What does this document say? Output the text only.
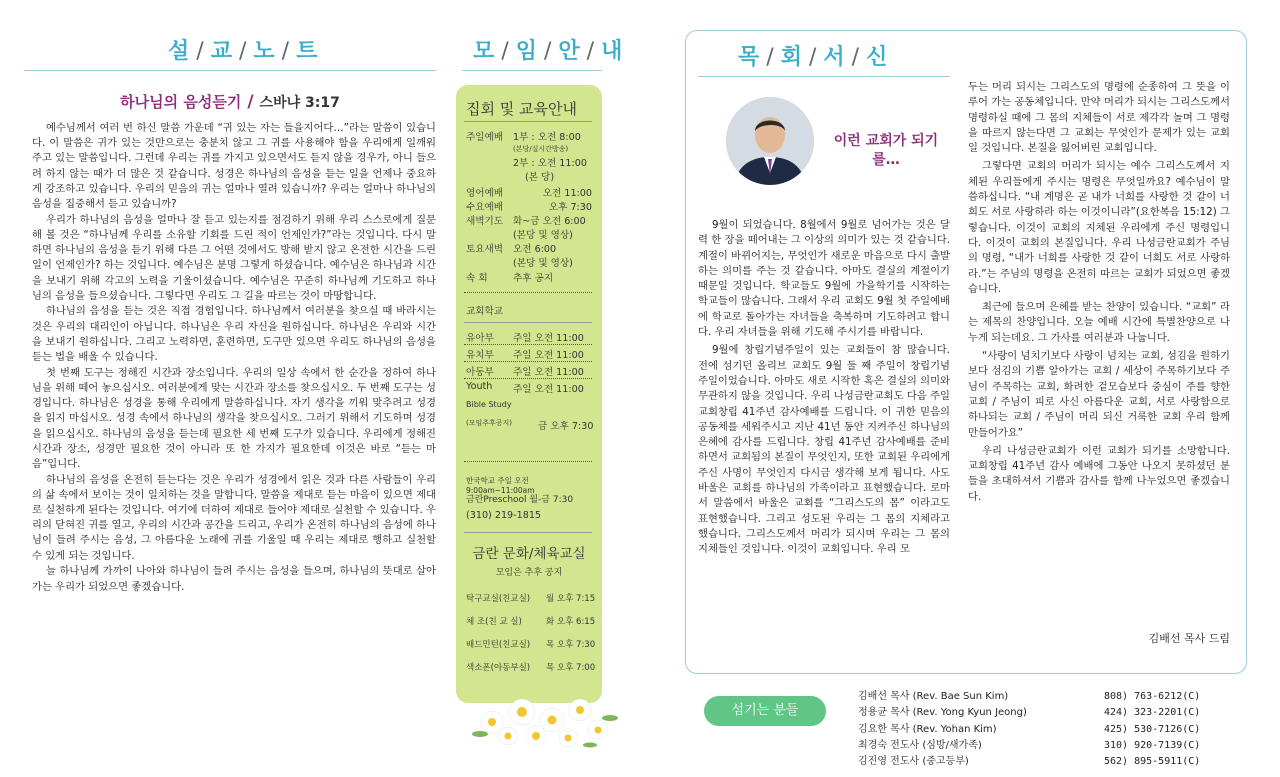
설 / 교 / 노 / 트
하나님의 음성듣기 / 스바냐 3:17

예수님께서 여러 번 하신 말씀 가운데 “귀 있는 자는 들을지어다…”라는 말씀이 있습니다. 이 말씀은 귀가 있는 것만으로는 충분치 않고 그 귀를 사용해야 함을 우리에게 일깨워 주고 있는 말씀입니다. 그런데 우리는 귀를 가지고 있으면서도 듣지 않을 경우가, 아니 들으려 하지 않는 때가 더 많은 것 같습니다. 성경은 하나님의 음성을 듣는 일을 언제나 중요하게 강조하고 있습니다. 우리의 믿음의 귀는 얼마나 열려 있습니까? 우리는 얼마나 하나님의 음성을 집중해서 듣고 있습니까?

우리가 하나님의 음성을 얼마나 잘 듣고 있는지를 점검하기 위해 우리 스스로에게 질문해 볼 것은 “하나님께 우리를 소유할 기회를 드린 적이 언제인가?”라는 것입니다. 다시 말하면 하나님의 음성을 듣기 위해 다른 그 어떤 것에서도 방해 받지 않고 온전한 시간을 드린 일이 언제인가? 하는 것입니다. 예수님은 분명 그렇게 하셨습니다. 예수님은 하나님과 시간을 보내기 위해 각고의 노력을 기울이셨습니다. 예수님은 꾸준히 하나님께 기도하고 하나님의 음성을 들으셨습니다. 그렇다면 우리도 그 길을 따르는 것이 마땅합니다.

하나님의 음성을 듣는 것은 직접 경험입니다. 하나님께서 여러분을 찾으실 때 바라시는 것은 우리의 대리인이 아닙니다. 하나님은 우리 자신을 원하십니다. 하나님은 우리와 시간을 보내기 원하십니다. 그리고 노력하면, 훈련하면, 도구만 있으면 우리도 하나님의 음성을 듣는 법을 배울 수 있습니다.

첫 번째 도구는 정해진 시간과 장소입니다. 우리의 일상 속에서 한 순간을 정하여 하나님을 위해 떼어 놓으십시오. 여러분에게 맞는 시간과 장소를 찾으십시오. 두 번째 도구는 성경입니다. 하나님은 성경을 통해 우리에게 말씀하십니다. 자기 생각을 끼워 맞추려고 성경을 읽지 마십시오. 성경 속에서 하나님의 생각을 찾으십시오. 그러기 위해서 기도하며 성경을 읽으십시오. 하나님의 음성을 듣는데 필요한 세 번째 도구가 있습니다. 우리에게 정해진 시간과 장소, 성경만 필요한 것이 아니라 또 한 가지가 필요한데 이것은 바로 “듣는 마음”입니다.

하나님의 음성을 온전히 듣는다는 것은 우리가 성경에서 읽은 것과 다른 사람들이 우리의 삶 속에서 보이는 것이 일치하는 것을 말합니다. 말씀을 제대로 듣는 마음이 있으면 제대로 실천하게 된다는 것입니다. 여기에 더하여 제대로 들어야 제대로 실천할 수 있습니다. 우리의 닫혀진 귀를 열고, 우리의 시간과 공간을 드리고, 우리가 온전히 하나님의 음성에 하나님이 들려 주시는 음성, 그 아름다운 노래에 귀를 기울일 때 우리는 제대로 행하고 실천할 수 있게 되는 것입니다.

늘 하나님께 가까이 나아와 하나님이 들려 주시는 음성을 들으며, 하나님의 뜻대로 살아가는 우리가 되었으면 좋겠습니다.

모 / 임 / 안 / 내
집회 및 교육안내
주일예배	1부 : 오전 8:00
(본당/실시간방송)
2부 : 오전 11:00
(본 당)
영어예배	오전 11:00
수요예배	오후 7:30
새벽기도	화~금 오전 6:00
(본당 및 영상)
토요새벽	오전 6:00
(본당 및 영상)
속 회	추후 공지
교회학교
유아부	주일 오전 11:00
유치부	주일 오전 11:00
아동부	주일 오전 11:00
Youth	주일 오전 11:00
Bible Study
(모임추후공지)	금 오후 7:30
한국학교 주일 오전 9:00am~11:00am
금란Preschool 월-금 7:30
(310) 219-1815
금란 문화/체육교실
모임은 추후 공지
탁구교실(친교실)	월 오후 7:15
체 조(친 교 실)	화 오후 6:15
배드민턴(친교실)	목 오후 7:30
색소폰(아동부실)	목 오후 7:00
목 / 회 / 서 / 신
이런 교회가 되기를…

9월이 되었습니다. 8월에서 9월로 넘어가는 것은 달력 한 장을 떼어내는 그 이상의 의미가 있는 것 같습니다. 계절이 바뀌어지는, 무엇인가 새로운 마음으로 다시 출발하는 의미를 주는 것 같습니다. 아마도 결실의 계절이기 때문일 것입니다. 학교들도 9월에 가을학기를 시작하는 학교들이 많습니다. 그래서 우리 교회도 9월 첫 주일예배에 학교로 돌아가는 자녀들을 축복하며 기도하려고 합니다. 우리 자녀들을 위해 기도해 주시기를 바랍니다.

9월에 창립기념주일이 있는 교회들이 참 많습니다. 전에 섬기던 올리브 교회도 9월 둘 째 주일이 창립기념 주일이었습니다. 아마도 새로 시작한 혹은 결실의 의미와 무관하지 않을 것입니다. 우리 나성금란교회도 다음 주일 교회창립 41주년 감사예배를 드립니다. 이 귀한 믿음의 공동체를 세워주시고 지난 41년 동안 지켜주신 하나님의 은혜에 감사를 드립니다. 창립 41주년 감사예배를 준비하면서 교회됨의 본질이 무엇인지, 또한 교회된 우리에게 주신 사명이 무엇인지 다시금 생각해 보게 됩니다. 사도 바울은 교회를 하나님의 가족이라고 표현했습니다. 로마서 말씀에서 바울은 교회를 “그리스도의 몸” 이라고도 표현했습니다. 그리고 성도된 우리는 그 몸의 지체라고 했습니다. 그리스도께서 머리가 되시며 우리는 그 몸의 지체들인 것입니다. 이것이 교회입니다. 우리 모

두는 머리 되시는 그리스도의 명령에 순종하여 그 뜻을 이루어 가는 공동체입니다. 만약 머리가 되시는 그리스도께서 명령하실 때에 그 몸의 지체들이 서로 제각각 놀며 그 명령을 따르지 않는다면 그 교회는 무엇인가 문제가 있는 교회일 것입니다. 본질을 잃어버린 교회입니다.

그렇다면 교회의 머리가 되시는 예수 그리스도께서 지체된 우리들에게 주시는 명령은 무엇일까요? 예수님이 말씀하십니다. “내 계명은 곧 내가 너희를 사랑한 것 같이 너희도 서로 사랑하라 하는 이것이니라”(요한복음 15:12) 그렇습니다. 이것이 교회의 지체된 우리에게 주신 명령입니다. 이것이 교회의 본질입니다. 우리 나성금란교회가 주님의 명령, “내가 너희를 사랑한 것 같이 너희도 서로 사랑하라.”는 주님의 명령을 온전히 따르는 교회가 되었으면 좋겠습니다.

최근에 들으며 은혜를 받는 찬양이 있습니다. “교회” 라는 제목의 찬양입니다. 오늘 예배 시간에 특별찬양으로 나누게 되는데요. 그 가사를 여러분과 나눕니다.

“사랑이 넘치기보다 사랑이 넘치는 교회, 섬김을 원하기보다 섬김의 기쁨 알아가는 교회 / 세상이 주목하기보다 주님이 주목하는 교회, 화려한 겉모습보다 중심이 주를 향한 교회 / 주님이 피로 사신 아름다운 교회, 서로 사랑함으로 하나되는 교회 / 주님이 머리 되신 거룩한 교회 우리 함께 만들어가요”

우리 나성금란교회가 이런 교회가 되기를 소망합니다. 교회창립 41주년 감사 예배에 그동안 나오지 못하셨던 분들을 초대하셔서 기쁨과 감사를 함께 나누었으면 좋겠습니다.

김배선 목사 드림
섬기는 분들
김배선 목사 (Rev. Bae Sun Kim)	808) 763-6212(C)
정용균 목사 (Rev. Yong Kyun Jeong)	424) 323-2201(C)
김요한 목사 (Rev. Yohan Kim)	425) 530-7126(C)
최경숙 전도사 (심방/새가족)	310) 920-7139(C)
김진영 전도사 (중고등부)	562) 895-5911(C)
